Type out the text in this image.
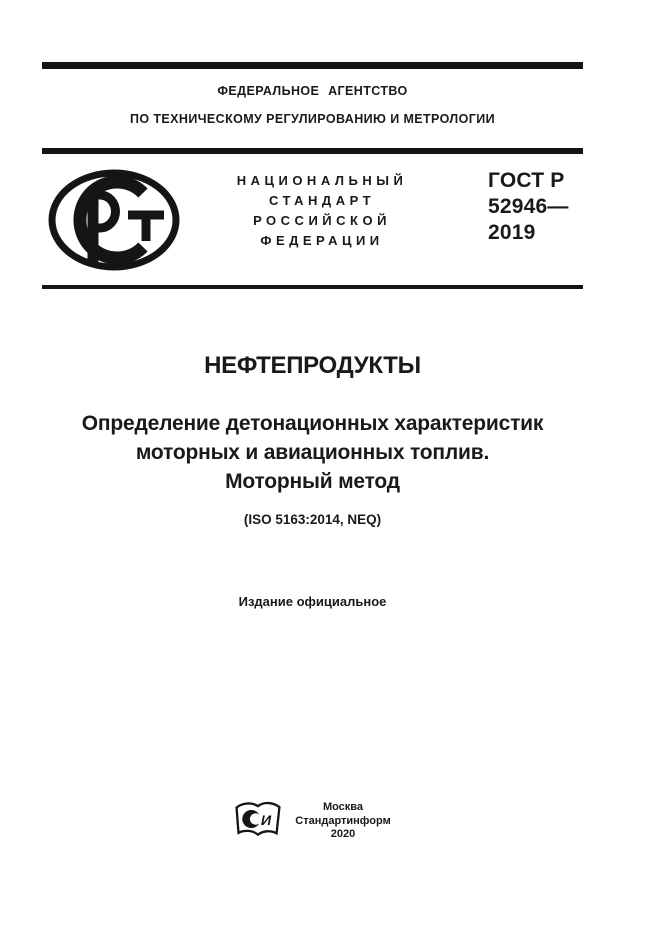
ФЕДЕРАЛЬНОЕ АГЕНТСТВО
ПО ТЕХНИЧЕСКОМУ РЕГУЛИРОВАНИЮ И МЕТРОЛОГИИ
НАЦИОНАЛЬНЫЙ
СТАНДАРТ
РОССИЙСКОЙ
ФЕДЕРАЦИИ
ГОСТ Р
52946—
2019
НЕФТЕПРОДУКТЫ
Определение детонационных характеристик
моторных и авиационных топлив.
Моторный метод
(ISO 5163:2014, NEQ)
Издание официальное
И
Москва
Стандартинформ
2020
